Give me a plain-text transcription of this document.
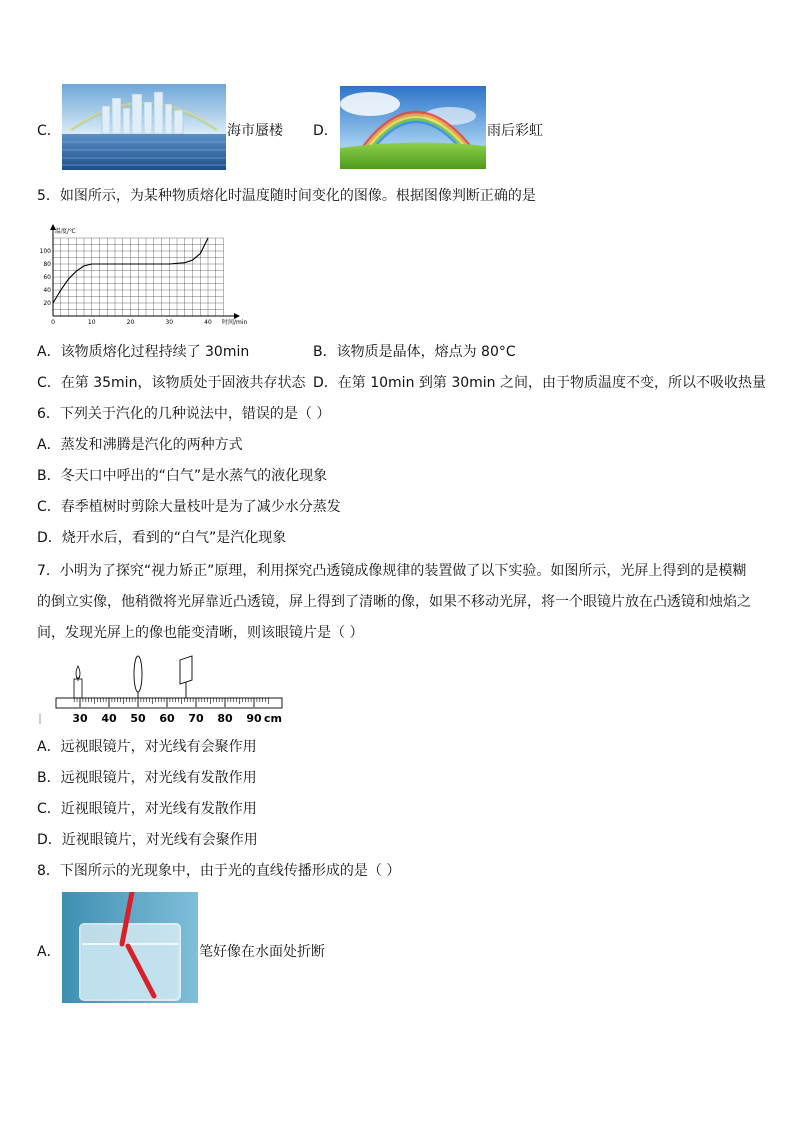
C．	海市蜃楼 D．	雨后彩虹
5．如图所示，为某种物质熔化时温度随时间变化的图像。根据图像判断正确的是
温度/℃
时间/min
20
40
60
80
100
0	10	20	30	40
A．该物质熔化过程持续了 30min	B．该物质是晶体，熔点为 80°C
C．在第 35min，该物质处于固液共存状态 D．在第 10min 到第 30min 之间，由于物质温度不变，所以不吸收热量
6．下列关于汽化的几种说法中，错误的是（ ）
A．蒸发和沸腾是汽化的两种方式
B．冬天口中呼出的“白气”是水蒸气的液化现象
C．春季植树时剪除大量枝叶是为了减少水分蒸发
D．烧开水后，看到的“白气”是汽化现象
7．小明为了探究“视力矫正”原理，利用探究凸透镜成像规律的装置做了以下实验。如图所示，光屏上得到的是模糊
的倒立实像，他稍微将光屏靠近凸透镜，屏上得到了清晰的像，如果不移动光屏，将一个眼镜片放在凸透镜和烛焰之
间，发现光屏上的像也能变清晰，则该眼镜片是（ ）
30 40 50 60 70 80 90 cm
A．远视眼镜片，对光线有会聚作用
B．远视眼镜片，对光线有发散作用
C．近视眼镜片，对光线有发散作用
D．近视眼镜片，对光线有会聚作用
8．下图所示的光现象中，由于光的直线传播形成的是（ ）
A．	笔好像在水面处折断
